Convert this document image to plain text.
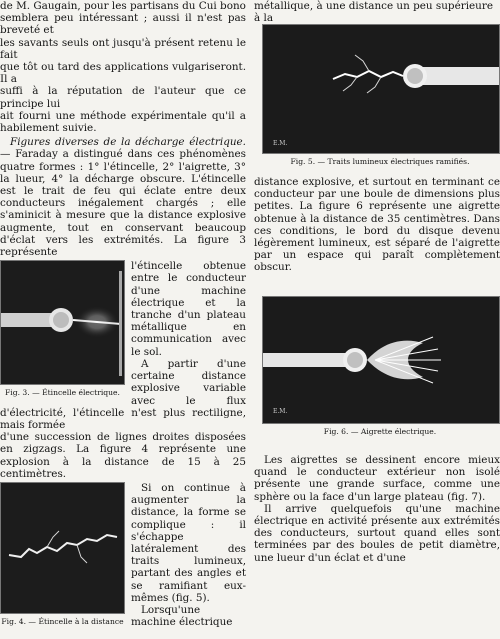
de M. Gaugain, pour les partisans du Cui bono

semblera peu intéressant ; aussi il n'est pas breveté et

les savants seuls ont jusqu'à présent retenu le fait

que tôt ou tard des applications vulgariseront. Il a

suffi à la réputation de l'auteur que ce principe lui

ait fourni une méthode expérimentale qu'il a habilement suivie.

Figures diverses de la décharge électrique. — Faraday a distingué dans ces phénomènes quatre formes : 1° l'étincelle, 2° l'aigrette, 3° la lueur, 4° la décharge obscure. L'étincelle est le trait de feu qui éclate entre deux conducteurs inégalement chargés ; elle s'aminicit à mesure que la distance explosive augmente, tout en conservant beaucoup d'éclat vers les extrémités. La figure 3 représente

Fig. 3. — Étincelle électrique.

l'étincelle obtenue entre le conducteur d'une machine électrique et la tranche d'un plateau métallique en communication avec le sol.

A partir d'une certaine distance explosive variable avec le flux d'électricité, l'étincelle n'est plus rectiligne, mais formée

d'une succession de lignes droites disposées en zigzags. La figure 4 représente une explosion à la distance de 15 à 25 centimètres.

Fig. 4. — Étincelle à la distance

Si on continue à augmenter la distance, la forme se complique : il s'échappe latéralement des traits lumineux, partant des angles et se ramifiant eux-mêmes (fig. 5).

Lorsqu'une machine électrique

métallique, à une distance un peu supérieure à la

E.M.
Fig. 5. — Traits lumineux électriques ramifiés.

distance explosive, et surtout en terminant ce conducteur par une boule de dimensions plus petites. La figure 6 représente une aigrette obtenue à la distance de 35 centimètres. Dans ces conditions, le bord du disque devenu légèrement lumineux, est séparé de l'aigrette par un espace qui paraît complètement obscur.

E.M.
Fig. 6. — Aigrette électrique.

Les aigrettes se dessinent encore mieux quand le conducteur extérieur non isolé présente une grande surface, comme une sphère ou la face d'un large plateau (fig. 7).

Il arrive quelquefois qu'une machine électrique en activité présente aux extrémités des conducteurs, surtout quand elles sont terminées par des boules de petit diamètre, une lueur d'un éclat et d'une
